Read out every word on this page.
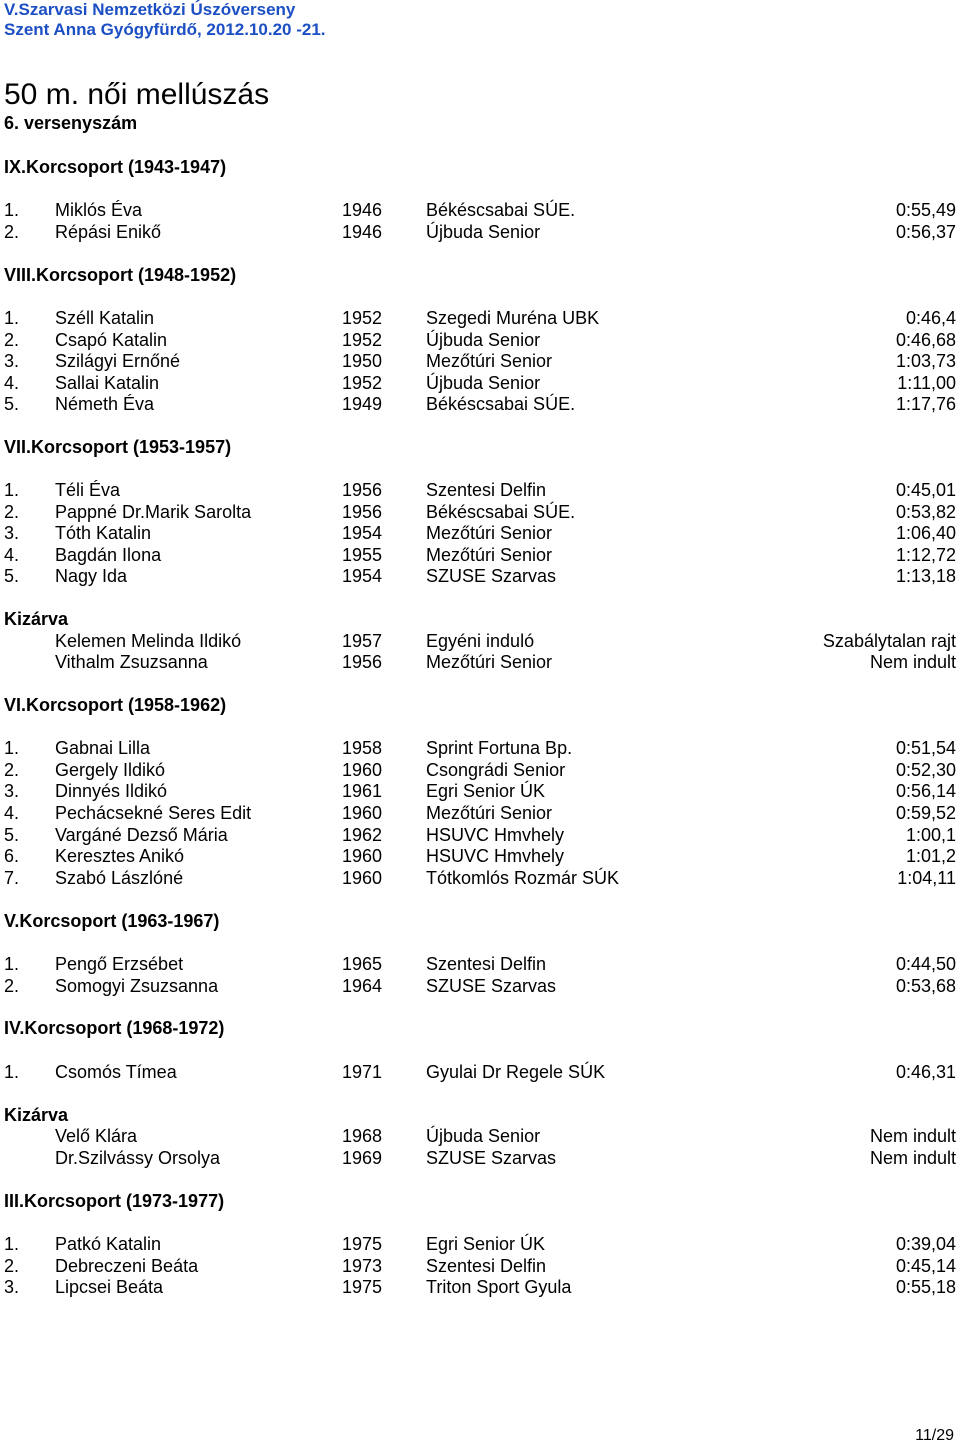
V.Szarvasi Nemzetközi Úszóverseny
Szent Anna Gyógyfürdő, 2012.10.20 -21.
50 m. női mellúszás
6. versenyszám
IX.Korcsoport (1943-1947)
1. Miklós Éva	1946 Békéscsabai SÚE.	0:55,49
2. Répási Enikő	1946 Újbuda Senior	0:56,37
VIII.Korcsoport (1948-1952)
1. Széll Katalin	1952 Szegedi Muréna UBK	0:46,4
2. Csapó Katalin	1952 Újbuda Senior	0:46,68
3. Szilágyi Ernőné	1950 Mezőtúri Senior	1:03,73
4. Sallai Katalin	1952 Újbuda Senior	1:11,00
5. Németh Éva	1949 Békéscsabai SÚE.	1:17,76
VII.Korcsoport (1953-1957)
1. Téli Éva	1956 Szentesi Delfin	0:45,01
2. Pappné Dr.Marik Sarolta	1956 Békéscsabai SÚE.	0:53,82
3. Tóth Katalin	1954 Mezőtúri Senior	1:06,40
4. Bagdán Ilona	1955 Mezőtúri Senior	1:12,72
5. Nagy Ida	1954 SZUSE Szarvas	1:13,18
Kizárva
Kelemen Melinda Ildikó	1957 Egyéni induló	Szabálytalan rajt
Vithalm Zsuzsanna	1956 Mezőtúri Senior	Nem indult
VI.Korcsoport (1958-1962)
1. Gabnai Lilla	1958 Sprint Fortuna Bp.	0:51,54
2. Gergely Ildikó	1960 Csongrádi Senior	0:52,30
3. Dinnyés Ildikó	1961 Egri Senior ÚK	0:56,14
4. Pechácsekné Seres Edit	1960 Mezőtúri Senior	0:59,52
5. Vargáné Dezső Mária	1962 HSUVC Hmvhely	1:00,1
6. Keresztes Anikó	1960 HSUVC Hmvhely	1:01,2
7. Szabó Lászlóné	1960 Tótkomlós Rozmár SÚK	1:04,11
V.Korcsoport (1963-1967)
1. Pengő Erzsébet	1965 Szentesi Delfin	0:44,50
2. Somogyi Zsuzsanna	1964 SZUSE Szarvas	0:53,68
IV.Korcsoport (1968-1972)
1. Csomós Tímea	1971 Gyulai Dr Regele SÚK	0:46,31
Kizárva
Velő Klára	1968 Újbuda Senior	Nem indult
Dr.Szilvássy Orsolya	1969 SZUSE Szarvas	Nem indult
III.Korcsoport (1973-1977)
1. Patkó Katalin	1975 Egri Senior ÚK	0:39,04
2. Debreczeni Beáta	1973 Szentesi Delfin	0:45,14
3. Lipcsei Beáta	1975 Triton Sport Gyula	0:55,18
11/29
